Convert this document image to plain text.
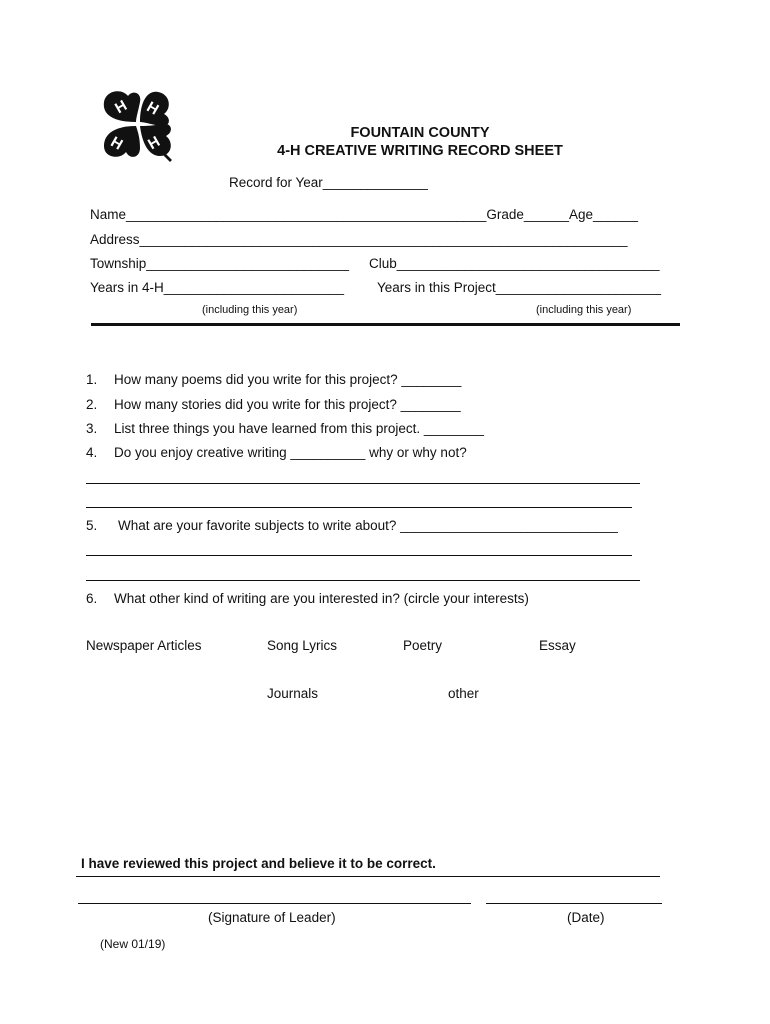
H H
H H
FOUNTAIN COUNTY
4-H CREATIVE WRITING RECORD SHEET
Record for Year______________
Name________________________________________________Grade______Age______
Address_________________________________________________________________
Township___________________________ Club___________________________________
Years in 4-H________________________ Years in this Project______________________
(including this year)	(including this year)
1. How many poems did you write for this project? ________
2. How many stories did you write for this project? ________
3. List three things you have learned from this project. ________
4. Do you enjoy creative writing __________ why or why not?
5. What are your favorite subjects to write about? _____________________________
6. What other kind of writing are you interested in? (circle your interests)
Newspaper Articles	Song Lyrics	Poetry	Essay
Journals	other
I have reviewed this project and believe it to be correct.
(Signature of Leader)	(Date)
(New 01/19)
